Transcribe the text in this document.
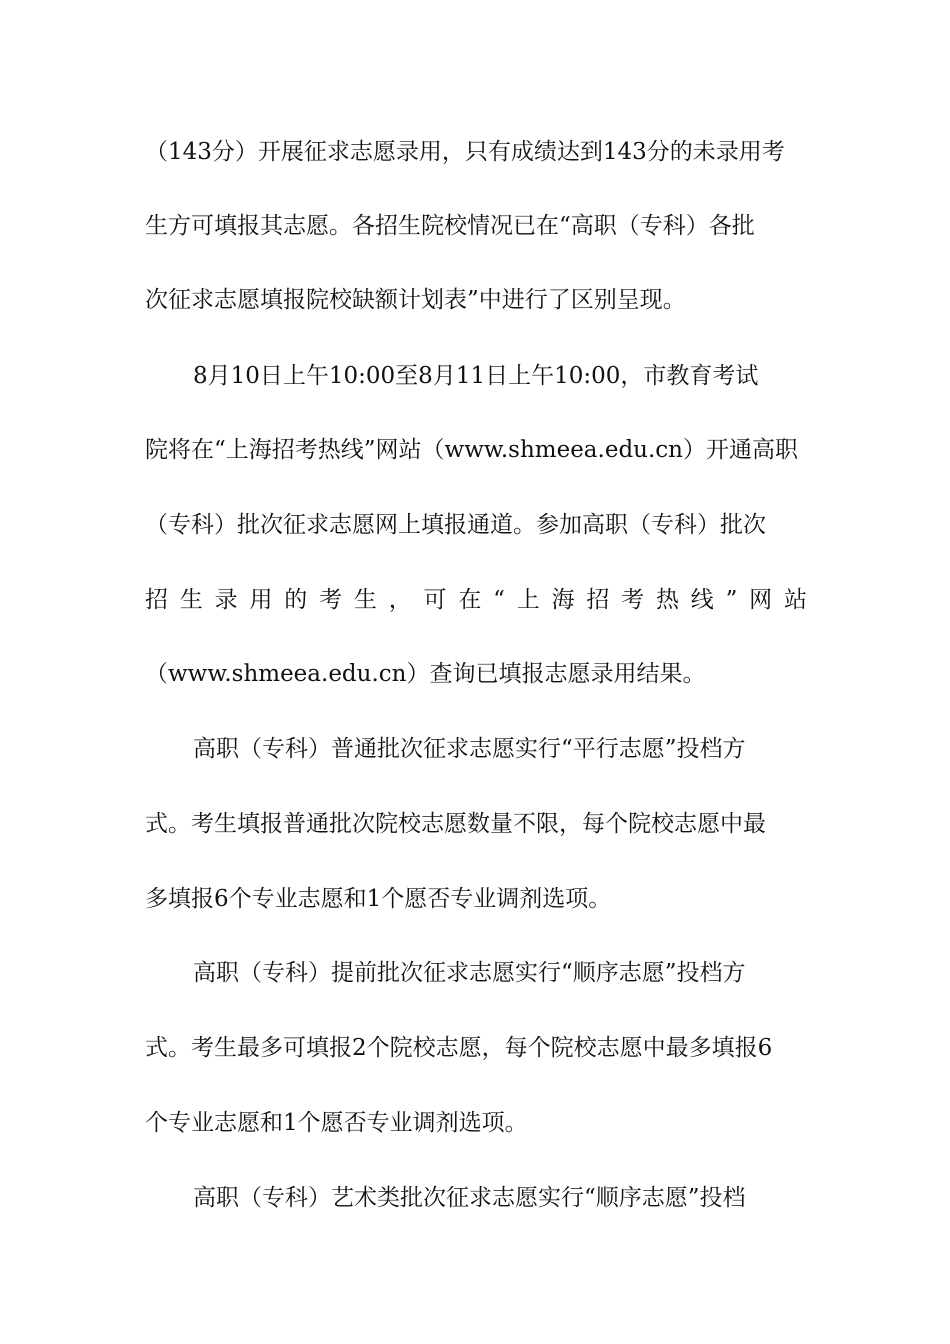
（143分）开展征求志愿录用，只有成绩达到143分的未录用考
生方可填报其志愿。各招生院校情况已在“高职（专科）各批
次征求志愿填报院校缺额计划表”中进行了区别呈现。
8月10日上午10:00至8月11日上午10:00，市教育考试
院将在“上海招考热线”网站（www.shmeea.edu.cn）开通高职
（专科）批次征求志愿网上填报通道。参加高职（专科）批次
招生录用的考生，可在“上海招考热线”网站
（www.shmeea.edu.cn）查询已填报志愿录用结果。
高职（专科）普通批次征求志愿实行“平行志愿”投档方
式。考生填报普通批次院校志愿数量不限，每个院校志愿中最
多填报6个专业志愿和1个愿否专业调剂选项。
高职（专科）提前批次征求志愿实行“顺序志愿”投档方
式。考生最多可填报2个院校志愿，每个院校志愿中最多填报6
个专业志愿和1个愿否专业调剂选项。
高职（专科）艺术类批次征求志愿实行“顺序志愿”投档
